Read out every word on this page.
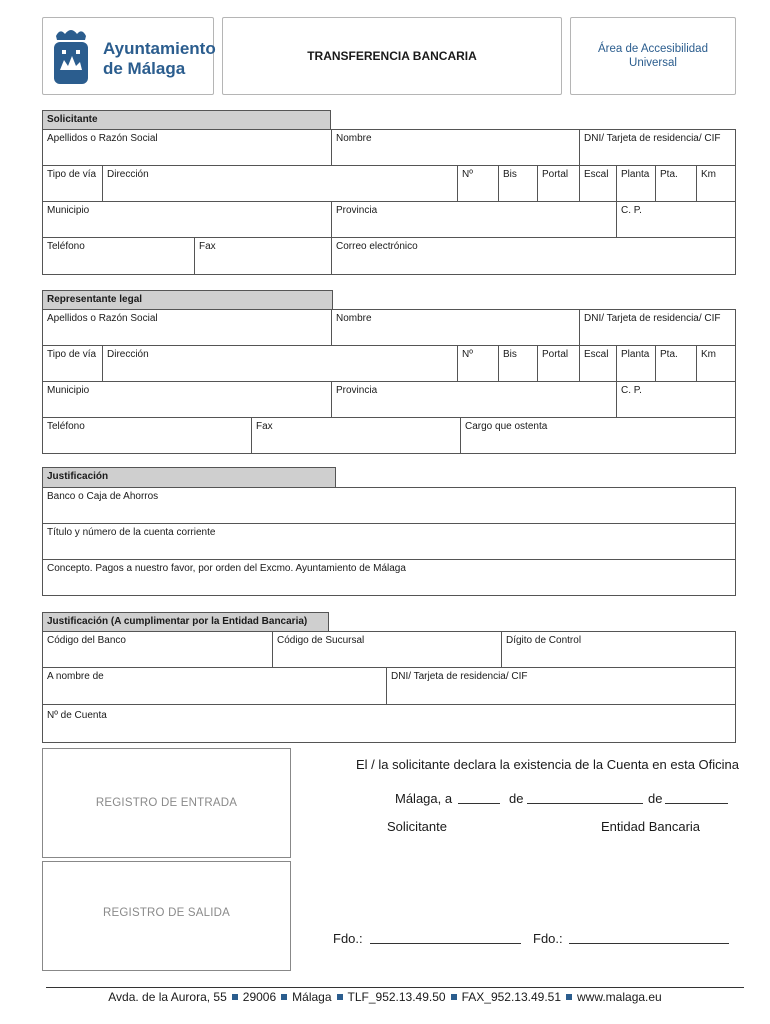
Ayuntamiento
de Málaga
TRANSFERENCIA BANCARIA	Área de Accesibilidad
Universal
Solicitante
Apellidos o Razón Social	Nombre	DNI/ Tarjeta de residencia/ CIF
Tipo de vía	Dirección	Nº	Bis	Portal	Escal	Planta	Pta.	Km
Municipio	Provincia	C. P.
Teléfono	Fax	Correo electrónico
Representante legal
Apellidos o Razón Social	Nombre	DNI/ Tarjeta de residencia/ CIF
Tipo de vía	Dirección	Nº	Bis	Portal	Escal	Planta	Pta.	Km
Municipio	Provincia	C. P.
Teléfono	Fax	Cargo que ostenta
Justificación
Banco o Caja de Ahorros
Título y número de la cuenta corriente
Concepto. Pagos a nuestro favor, por orden del Excmo. Ayuntamiento de Málaga
Justificación (A cumplimentar por la Entidad Bancaria)
Código del Banco	Código de Sucursal	Dígito de Control
A nombre de	DNI/ Tarjeta de residencia/ CIF
Nº de Cuenta
REGISTRO DE ENTRADA
REGISTRO DE SALIDA
El / la solicitante declara la existencia de la Cuenta en esta Oficina
Málaga, a	de	de
Solicitante	Entidad Bancaria
Fdo.:	Fdo.:
Avda. de la Aurora, 55 29006 Málaga TLF_952.13.49.50 FAX_952.13.49.51 www.malaga.eu
